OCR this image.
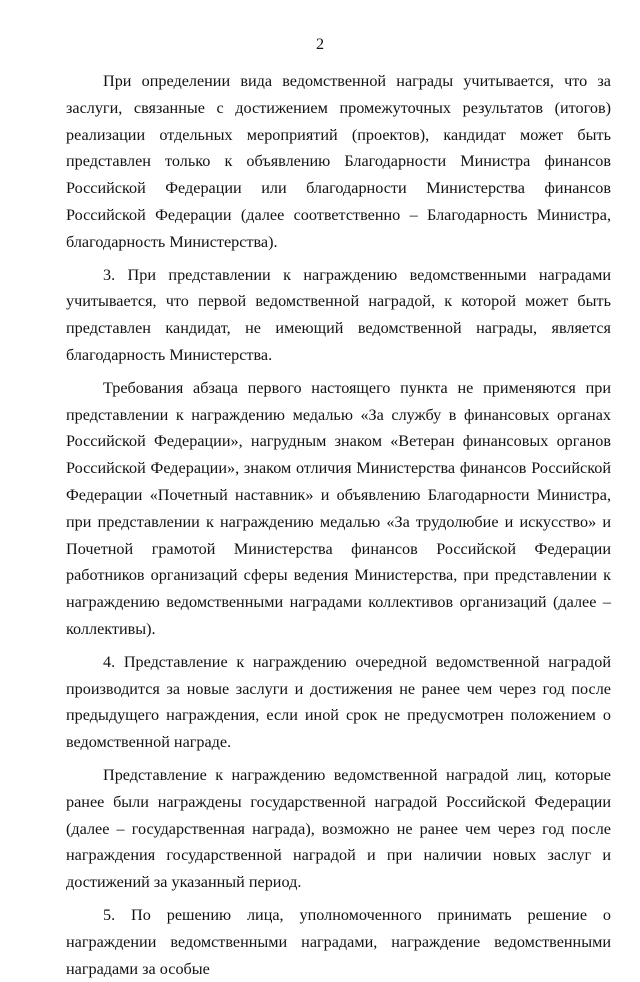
2

При определении вида ведомственной награды учитывается, что за заслуги, связанные с достижением промежуточных результатов (итогов) реализации отдельных мероприятий (проектов), кандидат может быть представлен только к объявлению Благодарности Министра финансов Российской Федерации или благодарности Министерства финансов Российской Федерации (далее соответственно – Благодарность Министра, благодарность Министерства).

3. При представлении к награждению ведомственными наградами учитывается, что первой ведомственной наградой, к которой может быть представлен кандидат, не имеющий ведомственной награды, является благодарность Министерства.

Требования абзаца первого настоящего пункта не применяются при представлении к награждению медалью «За службу в финансовых органах Российской Федерации», нагрудным знаком «Ветеран финансовых органов Российской Федерации», знаком отличия Министерства финансов Российской Федерации «Почетный наставник» и объявлению Благодарности Министра, при представлении к награждению медалью «За трудолюбие и искусство» и Почетной грамотой Министерства финансов Российской Федерации работников организаций сферы ведения Министерства, при представлении к награждению ведомственными наградами коллективов организаций (далее – коллективы).

4. Представление к награждению очередной ведомственной наградой производится за новые заслуги и достижения не ранее чем через год после предыдущего награждения, если иной срок не предусмотрен положением о ведомственной награде.

Представление к награждению ведомственной наградой лиц, которые ранее были награждены государственной наградой Российской Федерации (далее – государственная награда), возможно не ранее чем через год после награждения государственной наградой и при наличии новых заслуг и достижений за указанный период.

5. По решению лица, уполномоченного принимать решение о награждении ведомственными наградами, награждение ведомственными наградами за особые
